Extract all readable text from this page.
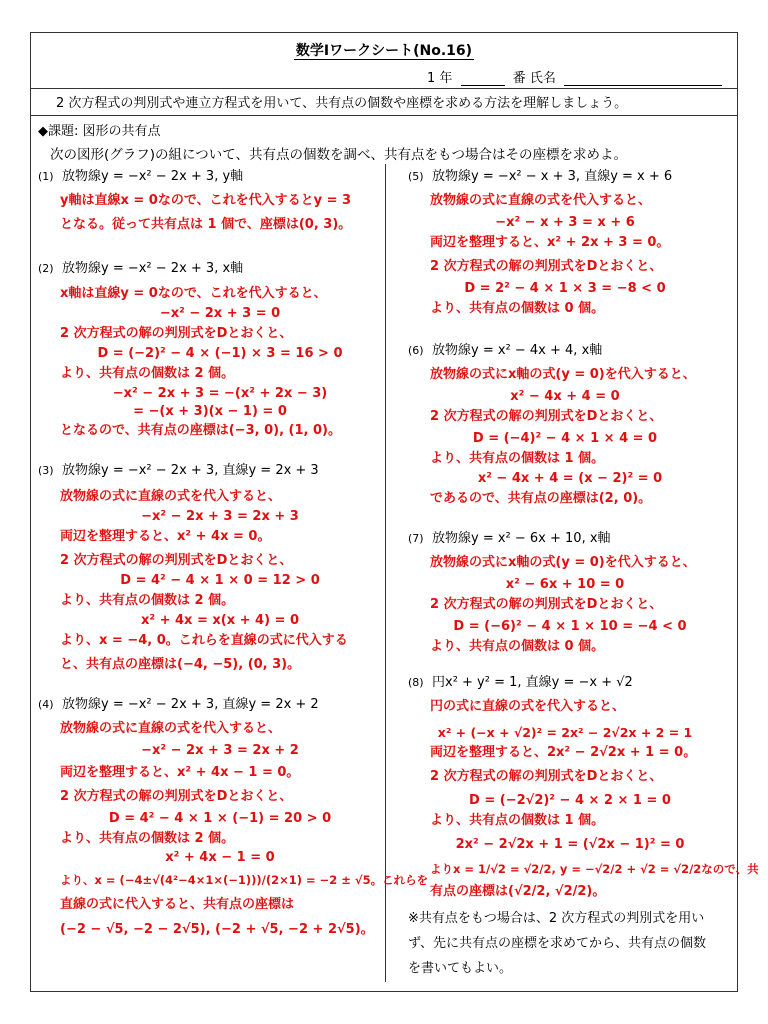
数学Ⅰワークシート(No.16)
1 年	番 氏名
2 次方程式の判別式や連立方程式を用いて、共有点の個数や座標を求める方法を理解しましょう。
◆課題: 図形の共有点
次の図形(グラフ)の組について、共有点の個数を調べ、共有点をもつ場合はその座標を求めよ。
(1) 放物線y = −x² − 2x + 3, y軸
y軸は直線x = 0なので、これを代入するとy = 3
となる。従って共有点は 1 個で、座標は(0, 3)。
(2) 放物線y = −x² − 2x + 3, x軸
x軸は直線y = 0なので、これを代入すると、
−x² − 2x + 3 = 0
2 次方程式の解の判別式をDとおくと、
D = (−2)² − 4 × (−1) × 3 = 16 > 0
より、共有点の個数は 2 個。
−x² − 2x + 3 = −(x² + 2x − 3)
= −(x + 3)(x − 1) = 0
となるので、共有点の座標は(−3, 0), (1, 0)。
(3) 放物線y = −x² − 2x + 3, 直線y = 2x + 3
放物線の式に直線の式を代入すると、
−x² − 2x + 3 = 2x + 3
両辺を整理すると、x² + 4x = 0。
2 次方程式の解の判別式をDとおくと、
D = 4² − 4 × 1 × 0 = 12 > 0
より、共有点の個数は 2 個。
x² + 4x = x(x + 4) = 0
より、x = −4, 0。これらを直線の式に代入する
と、共有点の座標は(−4, −5), (0, 3)。
(4) 放物線y = −x² − 2x + 3, 直線y = 2x + 2
放物線の式に直線の式を代入すると、
−x² − 2x + 3 = 2x + 2
両辺を整理すると、x² + 4x − 1 = 0。
2 次方程式の解の判別式をDとおくと、
D = 4² − 4 × 1 × (−1) = 20 > 0
より、共有点の個数は 2 個。
x² + 4x − 1 = 0
より、x = (−4±√(4²−4×1×(−1)))/(2×1) = −2 ± √5。これらを
直線の式に代入すると、共有点の座標は
(−2 − √5, −2 − 2√5), (−2 + √5, −2 + 2√5)。
(5) 放物線y = −x² − x + 3, 直線y = x + 6
放物線の式に直線の式を代入すると、
−x² − x + 3 = x + 6
両辺を整理すると、x² + 2x + 3 = 0。
2 次方程式の解の判別式をDとおくと、
D = 2² − 4 × 1 × 3 = −8 < 0
より、共有点の個数は 0 個。
(6) 放物線y = x² − 4x + 4, x軸
放物線の式にx軸の式(y = 0)を代入すると、
x² − 4x + 4 = 0
2 次方程式の解の判別式をDとおくと、
D = (−4)² − 4 × 1 × 4 = 0
より、共有点の個数は 1 個。
x² − 4x + 4 = (x − 2)² = 0
であるので、共有点の座標は(2, 0)。
(7) 放物線y = x² − 6x + 10, x軸
放物線の式にx軸の式(y = 0)を代入すると、
x² − 6x + 10 = 0
2 次方程式の解の判別式をDとおくと、
D = (−6)² − 4 × 1 × 10 = −4 < 0
より、共有点の個数は 0 個。
(8) 円x² + y² = 1, 直線y = −x + √2
円の式に直線の式を代入すると、
x² + (−x + √2)² = 2x² − 2√2x + 2 = 1
両辺を整理すると、2x² − 2√2x + 1 = 0。
2 次方程式の解の判別式をDとおくと、
D = (−2√2)² − 4 × 2 × 1 = 0
より、共有点の個数は 1 個。
2x² − 2√2x + 1 = (√2x − 1)² = 0
よりx = 1/√2 = √2/2, y = −√2/2 + √2 = √2/2なので、共
有点の座標は(√2/2, √2/2)。
※共有点をもつ場合は、2 次方程式の判別式を用い
ず、先に共有点の座標を求めてから、共有点の個数
を書いてもよい。
